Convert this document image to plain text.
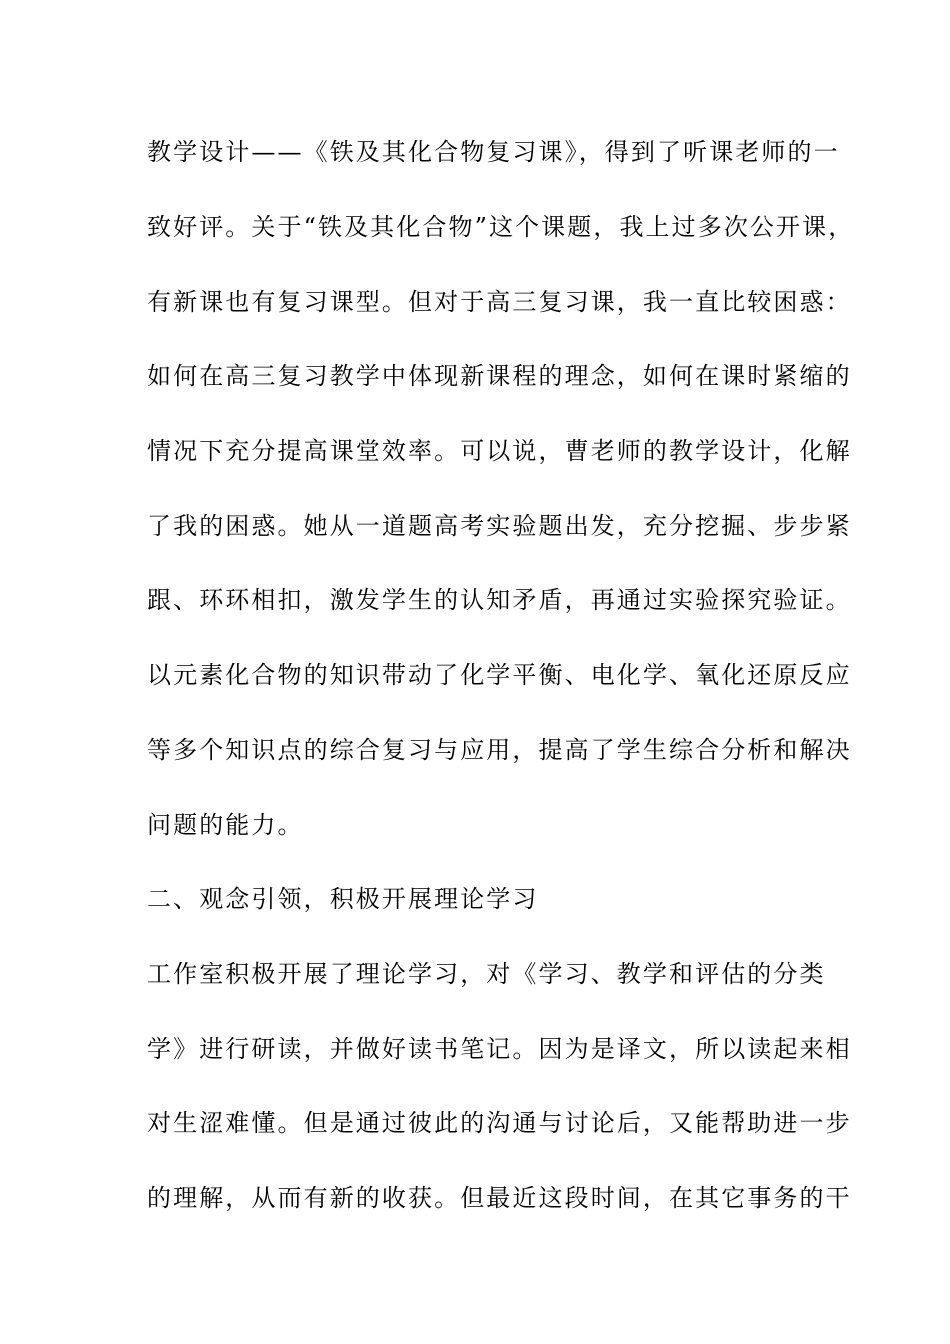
教学设计——《铁及其化合物复习课》，得到了听课老师的一
致好评。关于“铁及其化合物”这个课题，我上过多次公开课，
有新课也有复习课型。但对于高三复习课，我一直比较困惑：
如何在高三复习教学中体现新课程的理念，如何在课时紧缩的
情况下充分提高课堂效率。可以说，曹老师的教学设计，化解
了我的困惑。她从一道题高考实验题出发，充分挖掘、步步紧
跟、环环相扣，激发学生的认知矛盾，再通过实验探究验证。
以元素化合物的知识带动了化学平衡、电化学、氧化还原反应
等多个知识点的综合复习与应用，提高了学生综合分析和解决
问题的能力。
二、观念引领，积极开展理论学习
工作室积极开展了理论学习，对《学习、教学和评估的分类
学》进行研读，并做好读书笔记。因为是译文，所以读起来相
对生涩难懂。但是通过彼此的沟通与讨论后，又能帮助进一步
的理解，从而有新的收获。但最近这段时间，在其它事务的干
